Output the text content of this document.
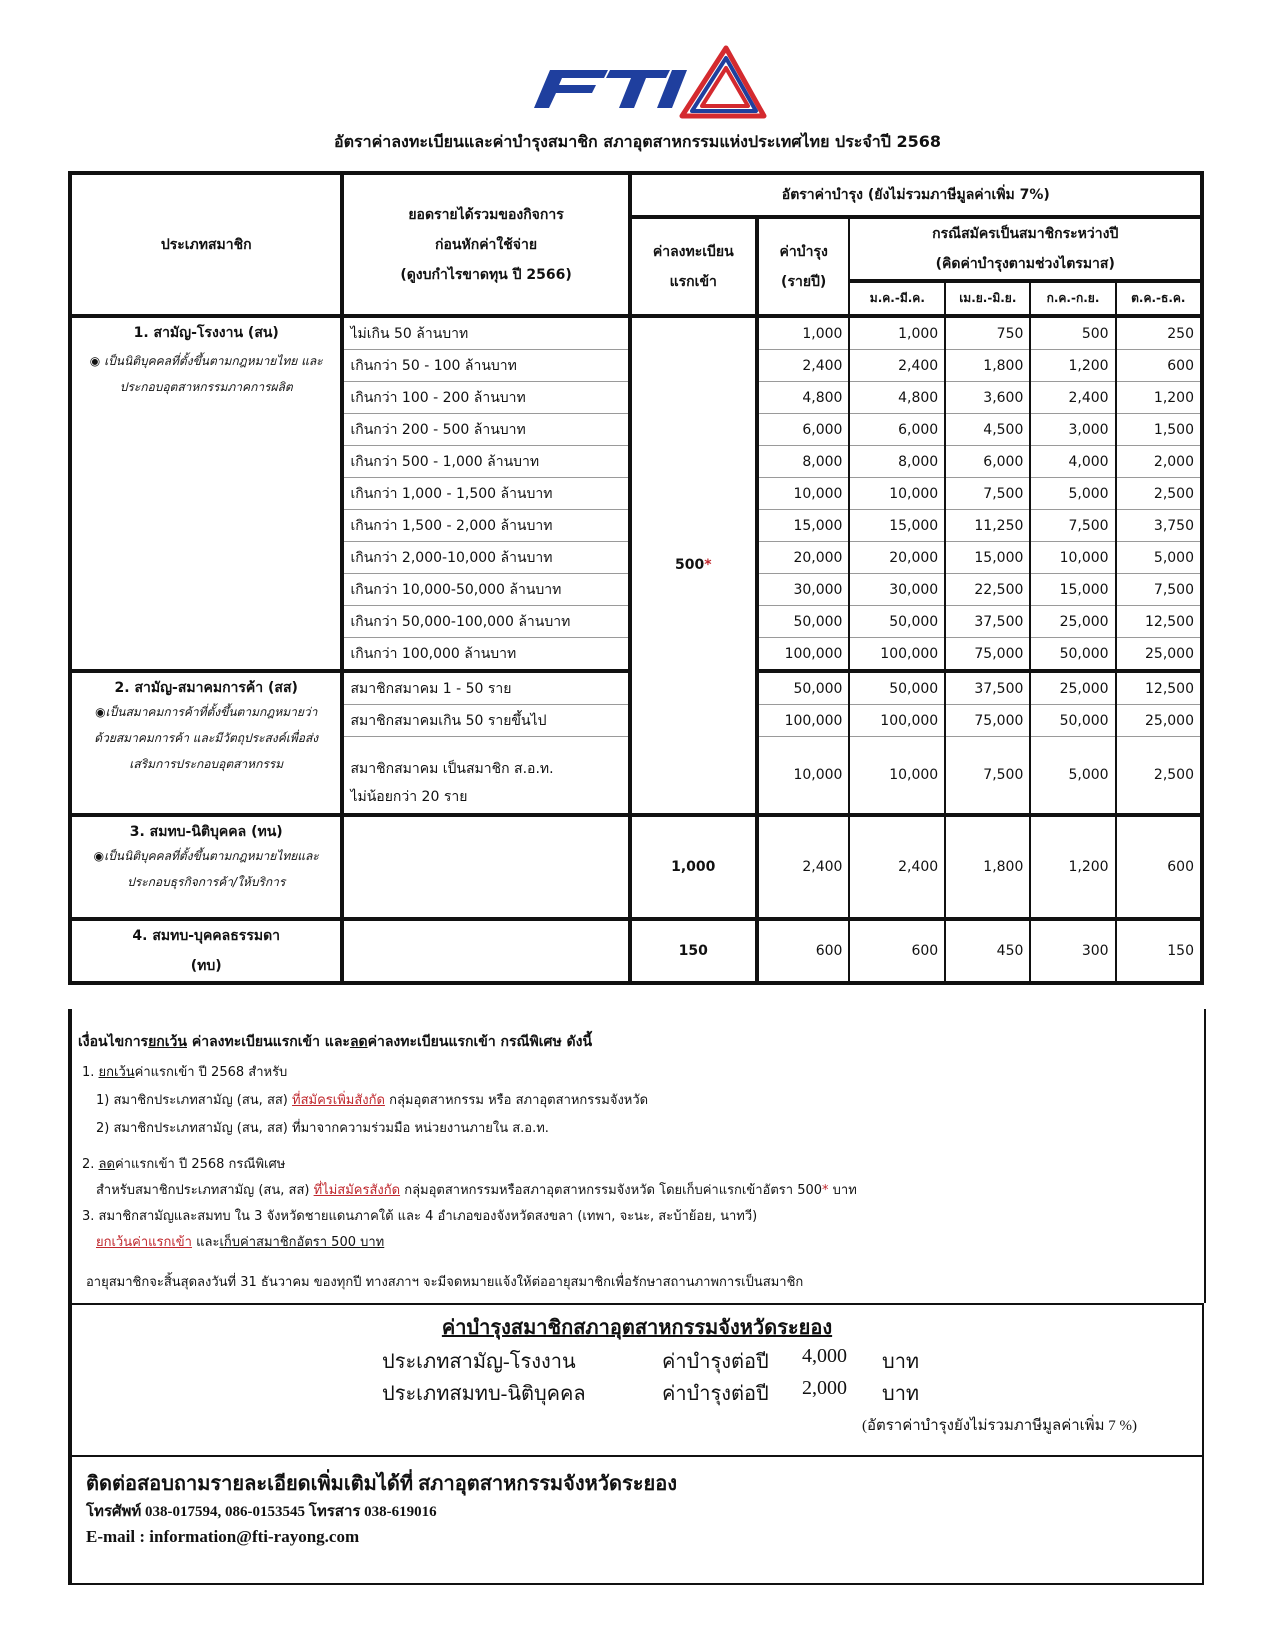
อัตราค่าลงทะเบียนและค่าบำรุงสมาชิก สภาอุตสาหกรรมแห่งประเทศไทย ประจำปี 2568
ประเภทสมาชิก	ยอดรายได้รวมของกิจการ
ก่อนหักค่าใช้จ่าย
(ดูงบกำไรขาดทุน ปี 2566)	อัตราค่าบำรุง (ยังไม่รวมภาษีมูลค่าเพิ่ม 7%)					
		ค่าลงทะเบียน
แรกเข้า	ค่าบำรุง
(รายปี)	กรณีสมัครเป็นสมาชิกระหว่างปี
(คิดค่าบำรุงตามช่วงไตรมาส)			
				ม.ค.-มี.ค.	เม.ย.-มิ.ย.	ก.ค.-ก.ย.	ต.ค.-ธ.ค.

1. สามัญ-โรงงาน (สน)
◉ เป็นนิติบุคคลที่ตั้งขึ้นตามกฎหมายไทย และประกอบอุตสาหกรรมภาคการผลิต	ไม่เกิน 50 ล้านบาท	500*	1,000	1,000	750	500	250
	เกินกว่า 50 - 100 ล้านบาท		2,400	2,400	1,800	1,200	600
	เกินกว่า 100 - 200 ล้านบาท		4,800	4,800	3,600	2,400	1,200
	เกินกว่า 200 - 500 ล้านบาท		6,000	6,000	4,500	3,000	1,500
	เกินกว่า 500 - 1,000 ล้านบาท		8,000	8,000	6,000	4,000	2,000
	เกินกว่า 1,000 - 1,500 ล้านบาท		10,000	10,000	7,500	5,000	2,500
	เกินกว่า 1,500 - 2,000 ล้านบาท		15,000	15,000	11,250	7,500	3,750
	เกินกว่า 2,000-10,000 ล้านบาท		20,000	20,000	15,000	10,000	5,000
	เกินกว่า 10,000-50,000 ล้านบาท		30,000	30,000	22,500	15,000	7,500
	เกินกว่า 50,000-100,000 ล้านบาท		50,000	50,000	37,500	25,000	12,500
	เกินกว่า 100,000 ล้านบาท		100,000	100,000	75,000	50,000	25,000

2. สามัญ-สมาคมการค้า (สส)
◉เป็นสมาคมการค้าที่ตั้งขึ้นตามกฎหมายว่าด้วยสมาคมการค้า และมีวัตถุประสงค์เพื่อส่งเสริมการประกอบอุตสาหกรรม	สมาชิกสมาคม 1 - 50 ราย		50,000	50,000	37,500	25,000	12,500
	สมาชิกสมาคมเกิน 50 รายขึ้นไป		100,000	100,000	75,000	50,000	25,000
	สมาชิกสมาคม เป็นสมาชิก ส.อ.ท.
ไม่น้อยกว่า 20 ราย		10,000	10,000	7,500	5,000	2,500

3. สมทบ-นิติบุคคล (ทน)
◉เป็นนิติบุคคลที่ตั้งขึ้นตามกฎหมายไทยและประกอบธุรกิจการค้า/ให้บริการ		1,000	2,400	2,400	1,800	1,200	600
4. สมทบ-บุคคลธรรมดา
(ทบ)		150	600	600	450	300	150

เงื่อนไขการยกเว้น ค่าลงทะเบียนแรกเข้า และลดค่าลงทะเบียนแรกเข้า กรณีพิเศษ ดังนี้

1. ยกเว้นค่าแรกเข้า ปี 2568 สำหรับ

1) สมาชิกประเภทสามัญ (สน, สส) ที่สมัครเพิ่มสังกัด กลุ่มอุตสาหกรรม หรือ สภาอุตสาหกรรมจังหวัด

2) สมาชิกประเภทสามัญ (สน, สส) ที่มาจากความร่วมมือ หน่วยงานภายใน ส.อ.ท.

2. ลดค่าแรกเข้า ปี 2568 กรณีพิเศษ

สำหรับสมาชิกประเภทสามัญ (สน, สส) ที่ไม่สมัครสังกัด กลุ่มอุตสาหกรรมหรือสภาอุตสาหกรรมจังหวัด โดยเก็บค่าแรกเข้าอัตรา 500* บาท

3. สมาชิกสามัญและสมทบ ใน 3 จังหวัดชายแดนภาคใต้ และ 4 อำเภอของจังหวัดสงขลา (เทพา, จะนะ, สะบ้าย้อย, นาทวี)

ยกเว้นค่าแรกเข้า และเก็บค่าสมาชิกอัตรา 500 บาท

อายุสมาชิกจะสิ้นสุดลงวันที่ 31 ธันวาคม ของทุกปี ทางสภาฯ จะมีจดหมายแจ้งให้ต่ออายุสมาชิกเพื่อรักษาสถานภาพการเป็นสมาชิก

ค่าบำรุงสมาชิกสภาอุตสาหกรรมจังหวัดระยอง
ประเภทสามัญ-โรงงาน	ค่าบำรุงต่อปี 4,000 บาท
ประเภทสมทบ-นิติบุคคล	ค่าบำรุงต่อปี 2,000 บาท
(อัตราค่าบำรุงยังไม่รวมภาษีมูลค่าเพิ่ม 7 %)
ติดต่อสอบถามรายละเอียดเพิ่มเติมได้ที่ สภาอุตสาหกรรมจังหวัดระยอง
โทรศัพท์ 038-017594, 086-0153545 โทรสาร 038-619016
E-mail : information@fti-rayong.com
